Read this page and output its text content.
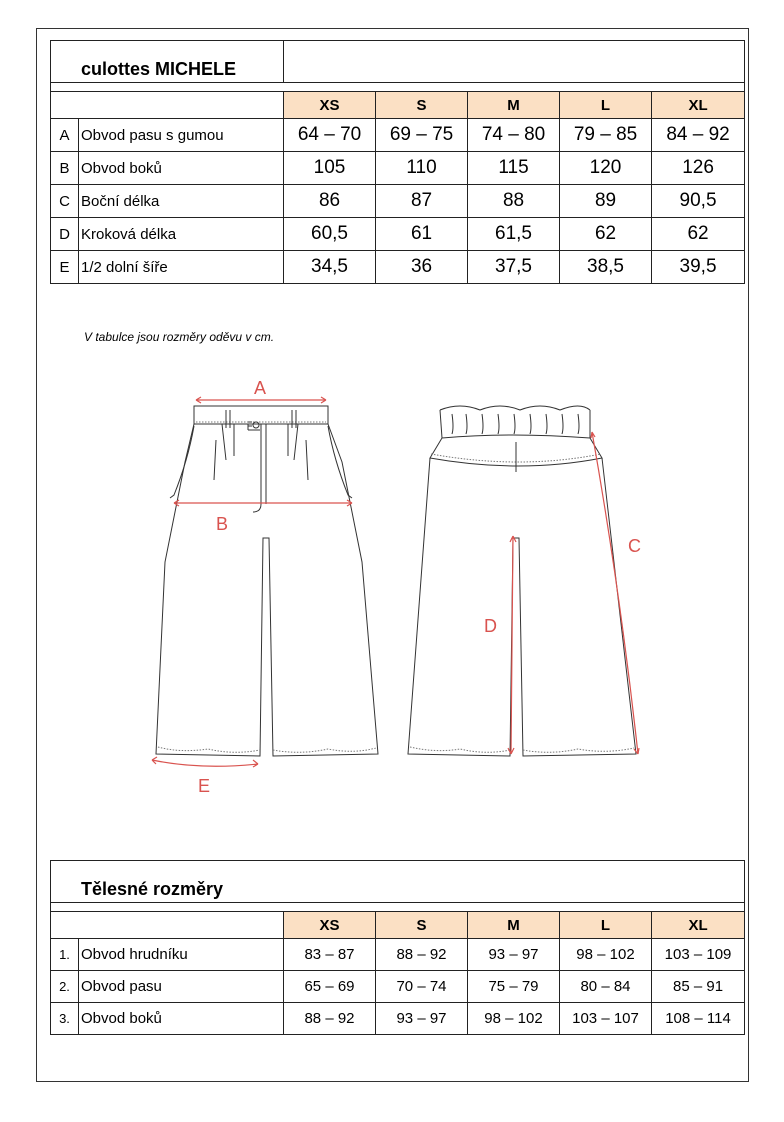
culottes MICHELE						

		XS	S	M	L	XL
A	Obvod pasu s gumou	64 – 70	69 – 75	74 – 80	79 – 85	84 – 92
B	Obvod boků	105	110	115	120	126
C	Boční délka	86	87	88	89	90,5
D	Kroková délka	60,5	61	61,5	62	62
E	1/2 dolní šíře	34,5	36	37,5	38,5	39,5
V tabulce jsou rozměry oděvu v cm.
A
B
C
D
E
Tělesné rozměry						

		XS	S	M	L	XL
1.	Obvod hrudníku	83 – 87	88 – 92	93 – 97	98 – 102	103 – 109
2.	Obvod pasu	65 – 69	70 – 74	75 – 79	80 – 84	85 – 91
3.	Obvod boků	88 – 92	93 – 97	98 – 102	103 – 107	108 – 114
